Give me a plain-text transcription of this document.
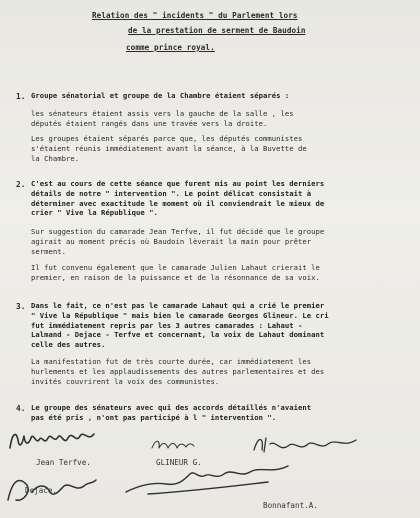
Relation des " incidents " du Parlement lors
de la prestation de serment de Baudoin
comme prince royal.
1. Groupe sénatorial et groupe de la Chambre étaient séparés :
les sénateurs étaient assis vers la gauche de la salle , les
députés étaient rangés dans une travée vers la droite.
Les groupes étaient séparés parce que, les députés communistes
s'étaient réunis immédiatement avant la séance, à la Buvette de
la Chambre.
2. C'est au cours de cette séance que furent mis au point les derniers
détails de notre " intervention ". Le point délicat consistait à
déterminer avec exactitude le moment où il conviendrait le mieux de
crier " Vive la République ".
Sur suggestion du camarade Jean Terfve, il fut décidé que le groupe
agirait au moment précis où Baudoin lèverait la main pour prêter
serment.
Il fut convenu également que le camarade Julien Lahaut crierait le
premier, en raison de la puissance et de la résonnance de sa voix.
3. Dans le fait, ce n'est pas le camarade Lahaut qui a crié le premier
" Vive la République " mais bien le camarade Georges Glineur. Le cri
fut immédiatement repris par les 3 autres camarades : Lahaut -
Lalmand - Dejace - Terfve et concernant, la voix de Lahaut dominant
celle des autres.
La manifestation fut de très courte durée, car immédiatement les
hurlements et les applaudissements des autres parlementaires et des
invités couvrirent la voix des communistes.
4. Le groupe des sénateurs avec qui des accords détaillés n'avaient
pas été pris , n'ont pas participé à l " intervention ".
Jean Terfve.	GLINEUR G.
Dejace.
Bonnafant.A.
